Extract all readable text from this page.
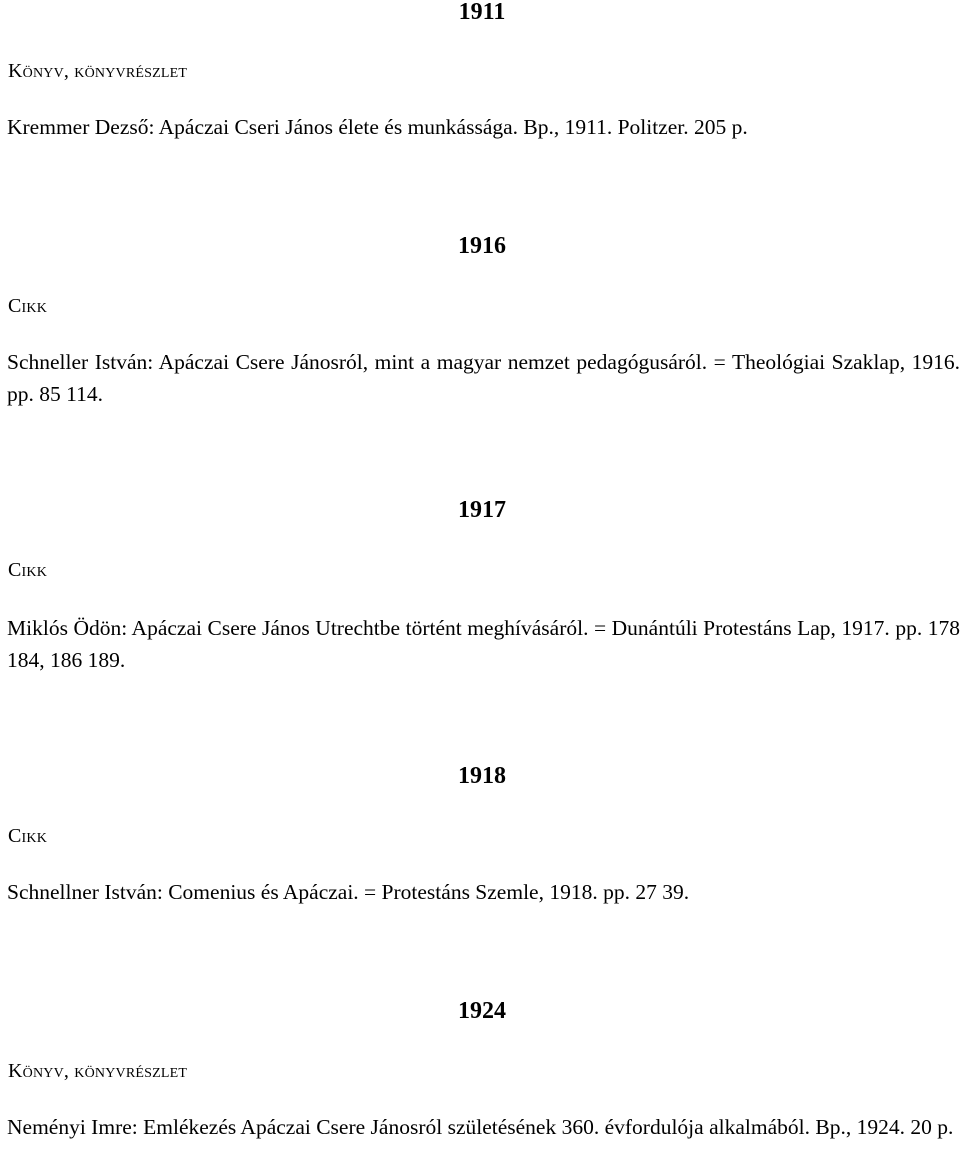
1911
Könyv, könyvrészlet
Kremmer Dezső: Apáczai Cseri János élete és munkássága. Bp., 1911. Politzer. 205 p.
1916
Cikk
Schneller István: Apáczai Csere Jánosról, mint a magyar nemzet pedagógusáról. = Theológiai Szaklap, 1916. pp. 85 114.
1917
Cikk
Miklós Ödön: Apáczai Csere János Utrechtbe történt meghívásáról. = Dunántúli Protestáns Lap, 1917. pp. 178 184, 186 189.
1918
Cikk
Schnellner István: Comenius és Apáczai. = Protestáns Szemle, 1918. pp. 27 39.
1924
Könyv, könyvrészlet
Neményi Imre: Emlékezés Apáczai Csere Jánosról születésének 360. évfordulója alkalmából. Bp., 1924. 20 p.
